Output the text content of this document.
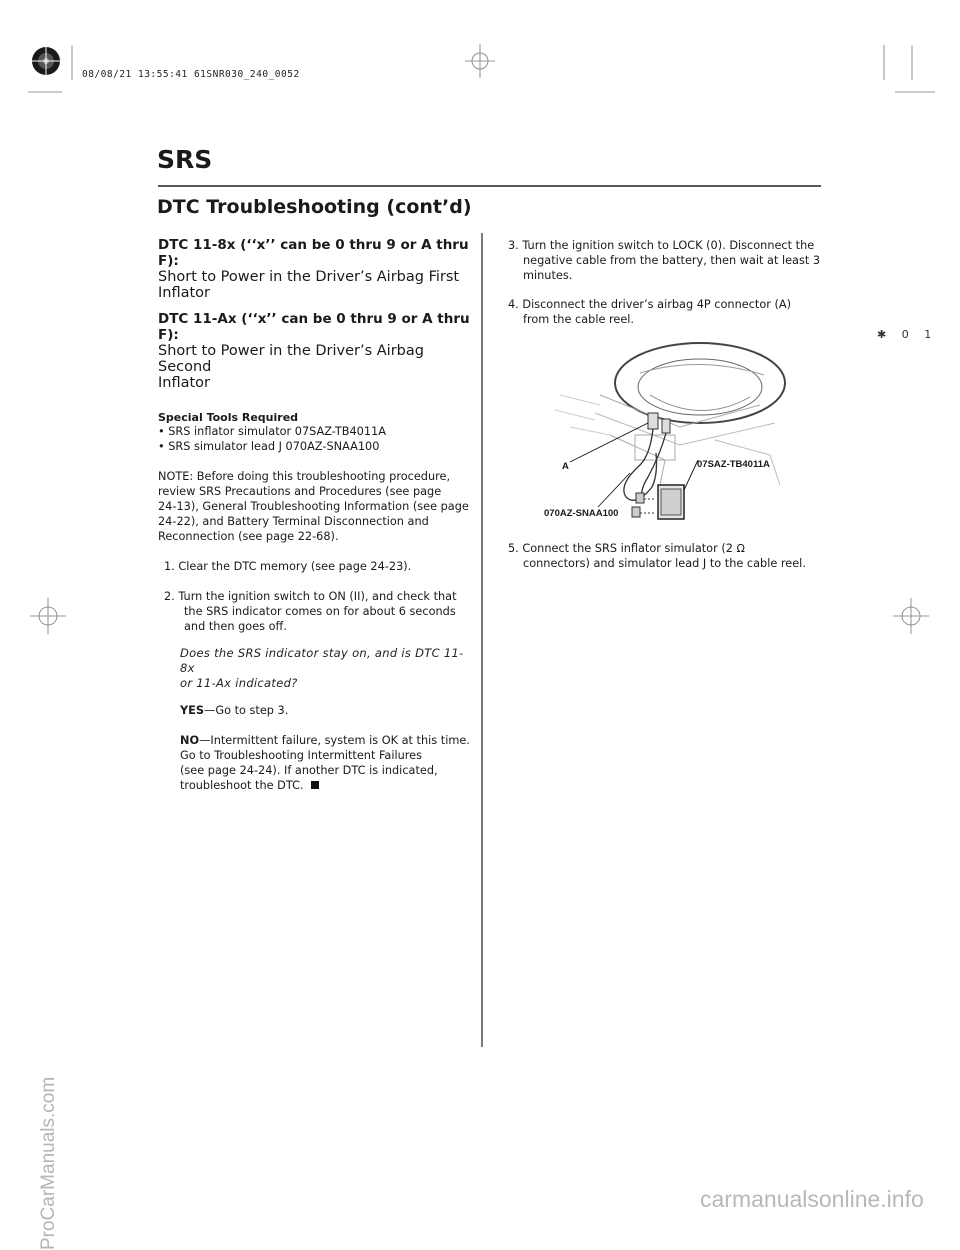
08/08/21 13:55:41 61SNR030_240_0052
SRS
DTC Troubleshooting (cont’d)
✱ 0 1
DTC 11-8x (‘‘x’’ can be 0 thru 9 or A thru F):
Short to Power in the Driver’s Airbag First
Inflator
DTC 11-Ax (‘‘x’’ can be 0 thru 9 or A thru F):
Short to Power in the Driver’s Airbag Second
Inflator
Special Tools Required
• SRS inflator simulator 07SAZ-TB4011A
• SRS simulator lead J 070AZ-SNAA100
NOTE: Before doing this troubleshooting procedure,
review SRS Precautions and Procedures (see page
24-13), General Troubleshooting Information (see page
24-22), and Battery Terminal Disconnection and
Reconnection (see page 22-68).
1. Clear the DTC memory (see page 24-23).
2. Turn the ignition switch to ON (II), and check that
the SRS indicator comes on for about 6 seconds
and then goes off.
Does the SRS indicator stay on, and is DTC 11-8x
or 11-Ax indicated?
YES—Go to step 3.
NO—Intermittent failure, system is OK at this time.
Go to Troubleshooting Intermittent Failures
(see page 24-24). If another DTC is indicated,
troubleshoot the DTC.
3. Turn the ignition switch to LOCK (0). Disconnect the
negative cable from the battery, then wait at least 3
minutes.
4. Disconnect the driver’s airbag 4P connector (A)
from the cable reel.
A	07SAZ-TB4011A
070AZ-SNAA100
5. Connect the SRS inflator simulator (2 Ω
connectors) and simulator lead J to the cable reel.
ProCarManuals.com	carmanualsonline.info
